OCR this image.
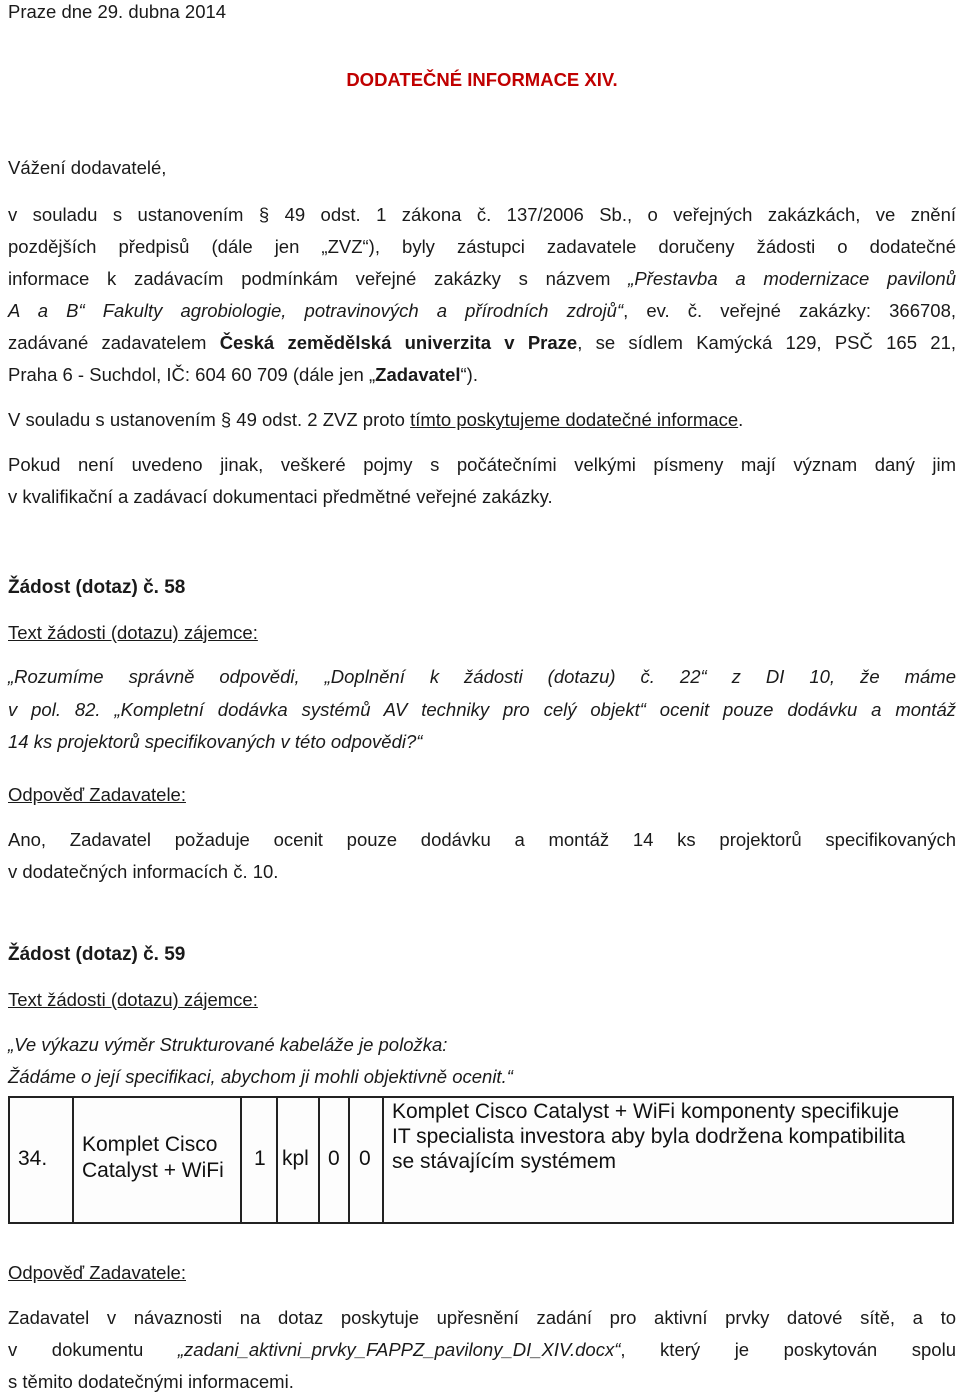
Praze dne 29. dubna 2014
DODATEČNÉ INFORMACE XIV.
Vážení dodavatelé,
v souladu s ustanovením § 49 odst. 1 zákona č. 137/2006 Sb., o veřejných zakázkách, ve znění
pozdějších předpisů (dále jen „ZVZ“), byly zástupci zadavatele doručeny žádosti o dodatečné
informace k zadávacím podmínkám veřejné zakázky s názvem „Přestavba a modernizace pavilonů
A a B“ Fakulty agrobiologie, potravinových a přírodních zdrojů“, ev. č. veřejné zakázky: 366708,
zadávané zadavatelem Česká zemědělská univerzita v Praze, se sídlem Kamýcká 129, PSČ 165 21,
Praha 6 - Suchdol, IČ: 604 60 709 (dále jen „Zadavatel“).
V souladu s ustanovením § 49 odst. 2 ZVZ proto tímto poskytujeme dodatečné informace.
Pokud není uvedeno jinak, veškeré pojmy s počátečními velkými písmeny mají význam daný jim
v kvalifikační a zadávací dokumentaci předmětné veřejné zakázky.
Žádost (dotaz) č. 58
Text žádosti (dotazu) zájemce:
„Rozumíme správně odpovědi, „Doplnění k žádosti (dotazu) č. 22“ z DI 10, že máme
v pol. 82. „Kompletní dodávka systémů AV techniky pro celý objekt“ ocenit pouze dodávku a montáž
14 ks projektorů specifikovaných v této odpovědi?“
Odpověď Zadavatele:
Ano, Zadavatel požaduje ocenit pouze dodávku a montáž 14 ks projektorů specifikovaných
v dodatečných informacích č. 10.
Žádost (dotaz) č. 59
Text žádosti (dotazu) zájemce:
„Ve výkazu výměr Strukturované kabeláže je položka:
Žádáme o její specifikaci, abychom ji mohli objektivně ocenit.“
34.
Komplet Cisco
Catalyst + WiFi
1 kpl 0 0
Komplet Cisco Catalyst + WiFi komponenty specifikuje
IT specialista investora aby byla dodržena kompatibilita
se stávajícím systémem
Odpověď Zadavatele:
Zadavatel v návaznosti na dotaz poskytuje upřesnění zadání pro aktivní prvky datové sítě, a to
v dokumentu „zadani_aktivni_prvky_FAPPZ_pavilony_DI_XIV.docx“, který je poskytován spolu
s těmito dodatečnými informacemi.
